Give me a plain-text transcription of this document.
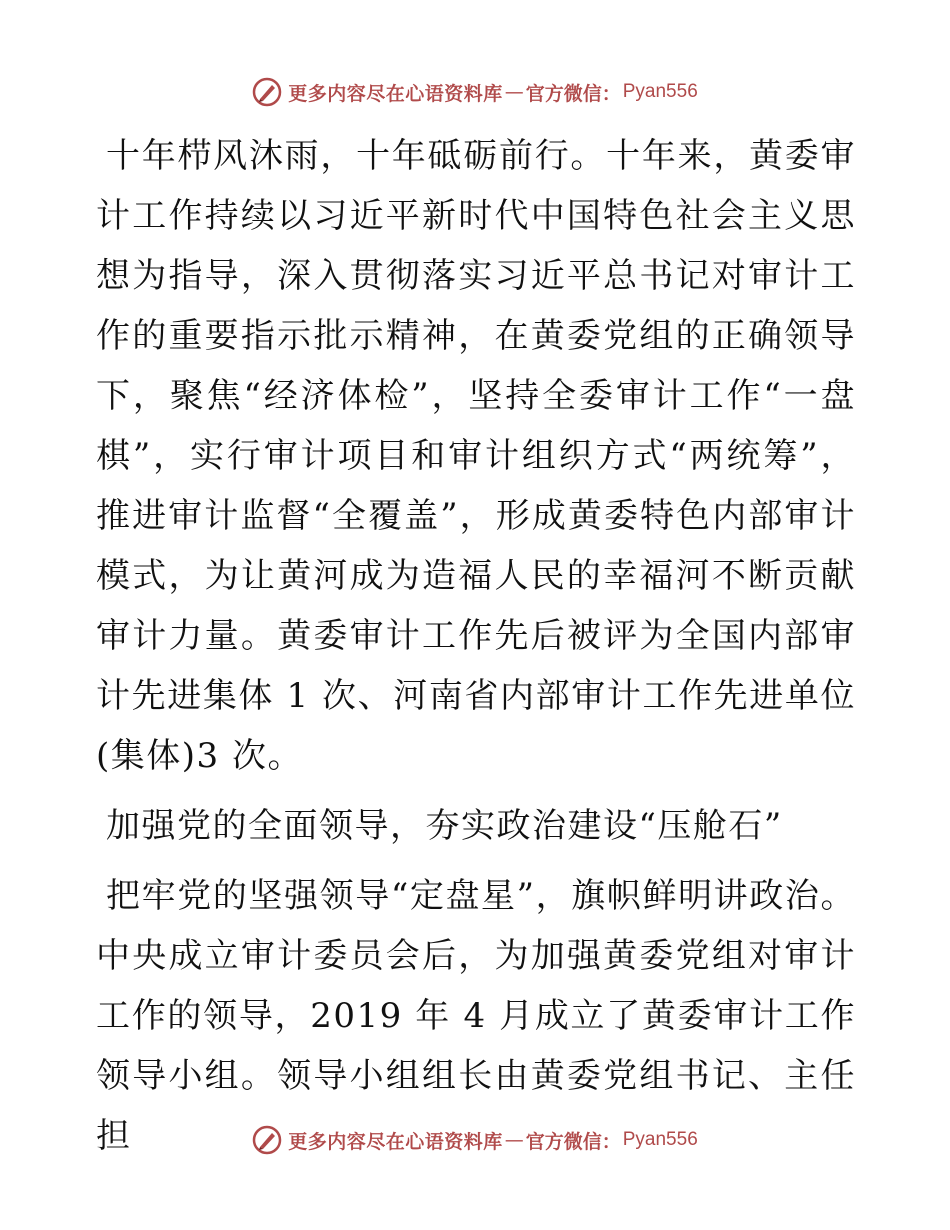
更多内容尽在心语资料库 — 官方微信： Pyan556

十年栉风沐雨，十年砥砺前行。十年来，黄委审计工作持续以习近平新时代中国特色社会主义思想为指导，深入贯彻落实习近平总书记对审计工作的重要指示批示精神，在黄委党组的正确领导下，聚焦“经济体检”，坚持全委审计工作“一盘棋”，实行审计项目和审计组织方式“两统筹”，推进审计监督“全覆盖”，形成黄委特色内部审计模式，为让黄河成为造福人民的幸福河不断贡献审计力量。黄委审计工作先后被评为全国内部审计先进集体 1 次、河南省内部审计工作先进单位(集体)3 次。

加强党的全面领导，夯实政治建设“压舱石”

把牢党的坚强领导“定盘星”，旗帜鲜明讲政治。中央成立审计委员会后，为加强黄委党组对审计工作的领导，2019 年 4 月成立了黄委审计工作领导小组。领导小组组长由黄委党组书记、主任担	更多内容尽在心语资料库 — 官方微信： Pyan556
